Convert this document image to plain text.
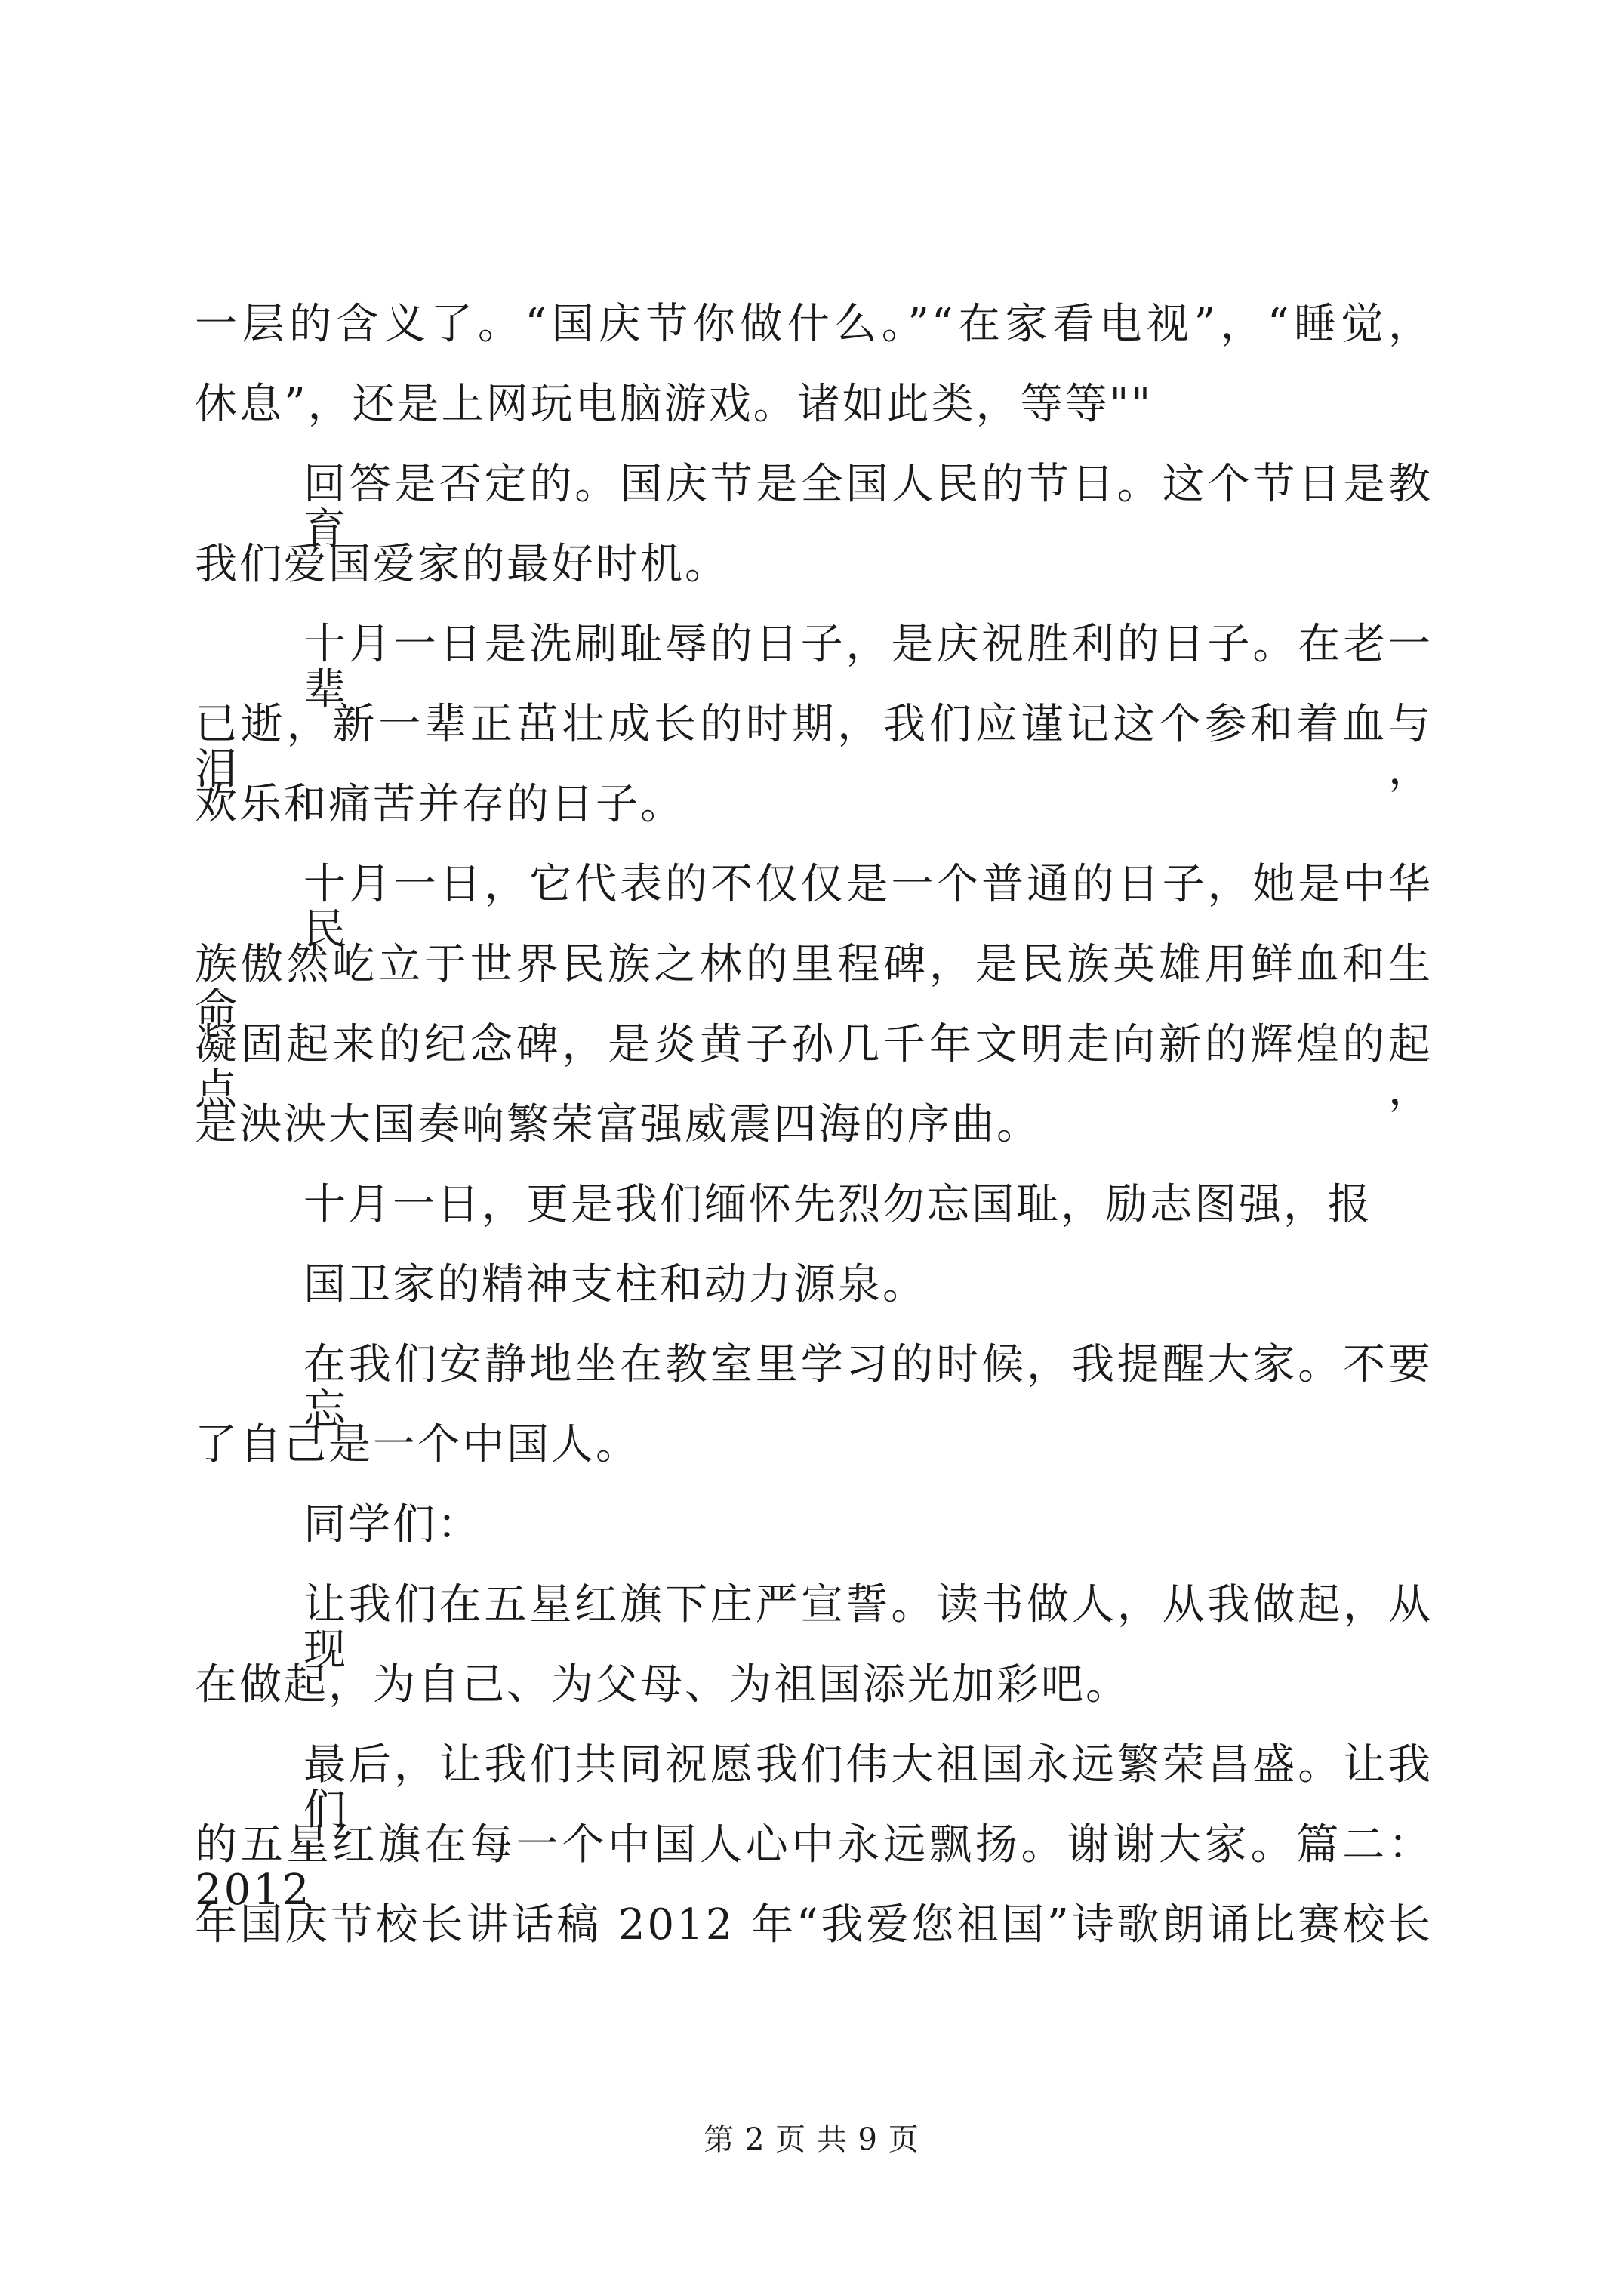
一层的含义了。“国庆节你做什么。”“在家看电视”，“睡觉，
休息”，还是上网玩电脑游戏。诸如此类，等等""
回答是否定的。国庆节是全国人民的节日。这个节日是教育
我们爱国爱家的最好时机。
十月一日是洗刷耻辱的日子，是庆祝胜利的日子。在老一辈
已逝，新一辈正茁壮成长的时期，我们应谨记这个参和着血与泪，
欢乐和痛苦并存的日子。
十月一日，它代表的不仅仅是一个普通的日子，她是中华民
族傲然屹立于世界民族之林的里程碑，是民族英雄用鲜血和生命
凝固起来的纪念碑，是炎黄子孙几千年文明走向新的辉煌的起点，
是泱泱大国奏响繁荣富强威震四海的序曲。
十月一日，更是我们缅怀先烈勿忘国耻，励志图强，报
国卫家的精神支柱和动力源泉。
在我们安静地坐在教室里学习的时候，我提醒大家。不要忘
了自己是一个中国人。
同学们：
让我们在五星红旗下庄严宣誓。读书做人，从我做起，从现
在做起，为自己、为父母、为祖国添光加彩吧。
最后，让我们共同祝愿我们伟大祖国永远繁荣昌盛。让我们
的五星红旗在每一个中国人心中永远飘扬。谢谢大家。篇二：2012
年国庆节校长讲话稿 2012 年“我爱您祖国”诗歌朗诵比赛校长
第 2 页 共 9 页
